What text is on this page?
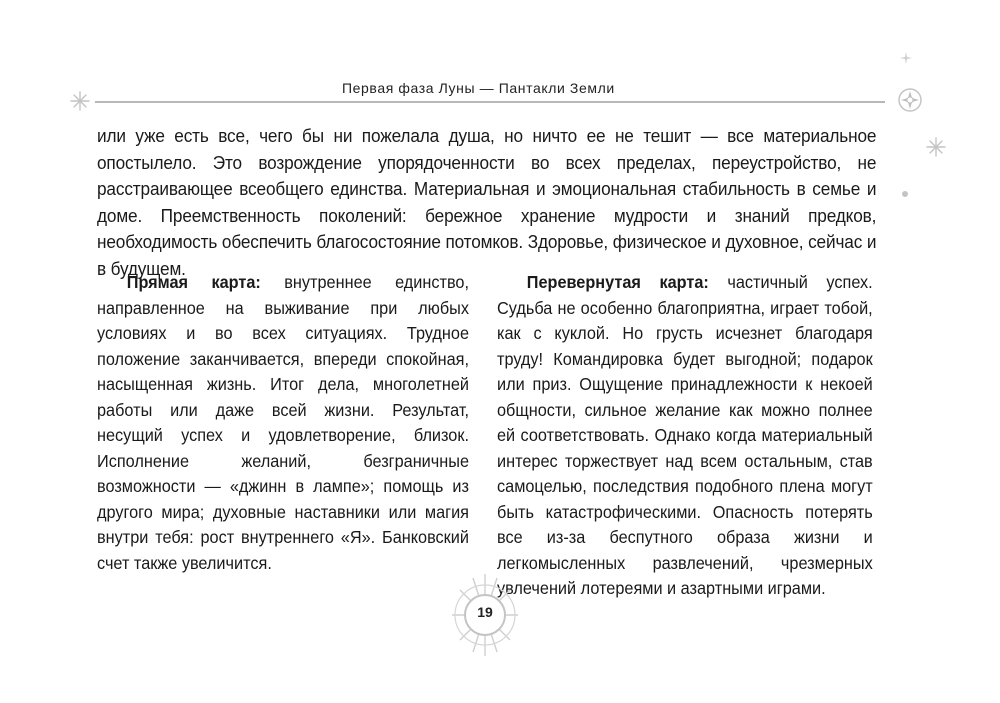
Первая фаза Луны — Пантакли Земли
или уже есть все, чего бы ни пожелала душа, но ничто ее не тешит — все материальное опостылело. Это возрождение упорядоченности во всех пределах, переустройство, не расстраивающее всеобщего единства. Материальная и эмоциональная стабильность в семье и доме. Преемственность поколений: бережное хранение мудрости и знаний предков, необходимость обеспечить благосостояние потомков. Здоровье, физическое и духовное, сейчас и в будущем.
Прямая карта: внутреннее единство, направленное на выживание при любых условиях и во всех ситуациях. Трудное положение заканчивается, впереди спокойная, насыщенная жизнь. Итог дела, многолетней работы или даже всей жизни. Результат, несущий успех и удовлетворение, близок. Исполнение желаний, безграничные возможности — «джинн в лампе»; помощь из другого мира; духовные наставники или магия внутри тебя: рост внутреннего «Я». Банковский счет также увеличится.
Перевернутая карта: частичный успех. Судьба не особенно благоприятна, играет тобой, как с куклой. Но грусть исчезнет благодаря труду! Командировка будет выгодной; подарок или приз. Ощущение принадлежности к некоей общности, сильное желание как можно полнее ей соответствовать. Однако когда материальный интерес торжествует над всем остальным, став самоцелью, последствия подобного плена могут быть катастрофическими. Опасность потерять все из-за беспутного образа жизни и легкомысленных развлечений, чрезмерных увлечений лотереями и азартными играми.
19
